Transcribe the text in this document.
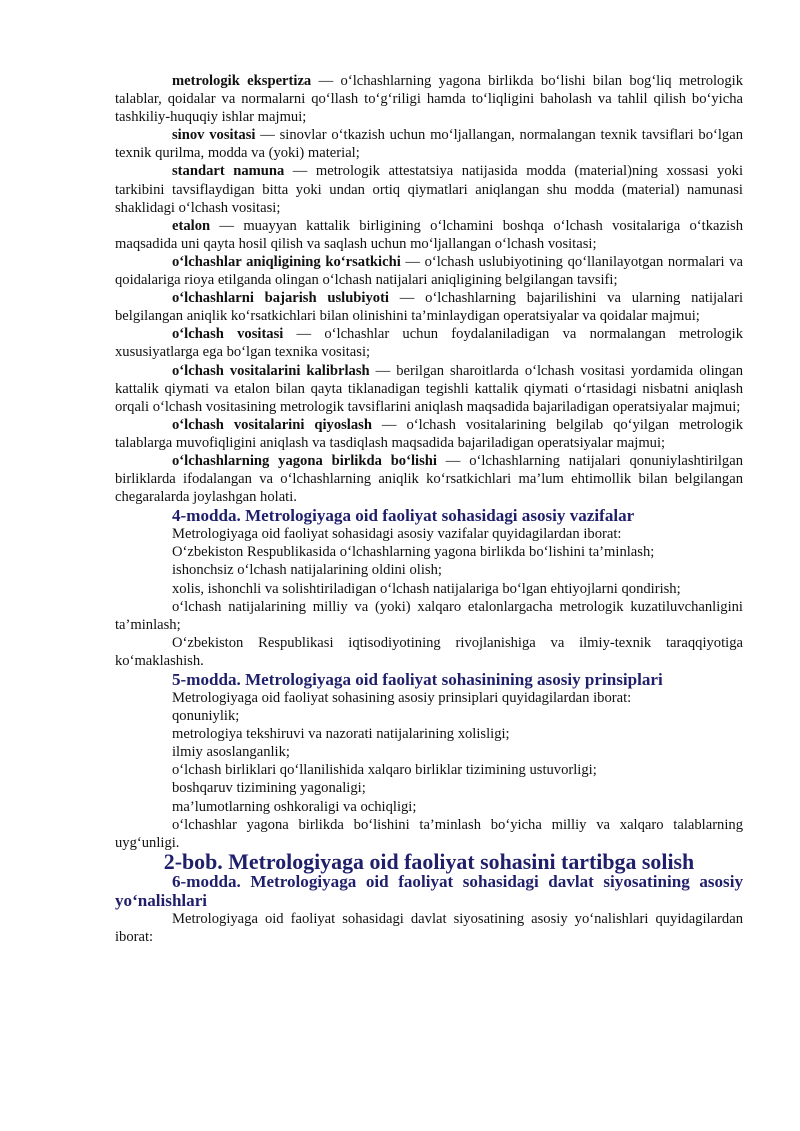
metrologik ekspertiza — o‘lchashlarning yagona birlikda bo‘lishi bilan bog‘liq metrologik talablar, qoidalar va normalarni qo‘llash to‘g‘riligi hamda to‘liqligini baholash va tahlil qilish bo‘yicha tashkiliy-huquqiy ishlar majmui;

sinov vositasi — sinovlar o‘tkazish uchun mo‘ljallangan, normalangan texnik tavsiflari bo‘lgan texnik qurilma, modda va (yoki) material;

standart namuna — metrologik attestatsiya natijasida modda (material)ning xossasi yoki tarkibini tavsiflaydigan bitta yoki undan ortiq qiymatlari aniqlangan shu modda (material) namunasi shaklidagi o‘lchash vositasi;

etalon — muayyan kattalik birligining o‘lchamini boshqa o‘lchash vositalariga o‘tkazish maqsadida uni qayta hosil qilish va saqlash uchun mo‘ljallangan o‘lchash vositasi;

o‘lchashlar aniqligining ko‘rsatkichi — o‘lchash uslubiyotining qo‘llanilayotgan normalari va qoidalariga rioya etilganda olingan o‘lchash natijalari aniqligining belgilangan tavsifi;

o‘lchashlarni bajarish uslubiyoti — o‘lchashlarning bajarilishini va ularning natijalari belgilangan aniqlik ko‘rsatkichlari bilan olinishini ta’minlaydigan operatsiyalar va qoidalar majmui;

o‘lchash vositasi — o‘lchashlar uchun foydalaniladigan va normalangan metrologik xususiyatlarga ega bo‘lgan texnika vositasi;

o‘lchash vositalarini kalibrlash — berilgan sharoitlarda o‘lchash vositasi yordamida olingan kattalik qiymati va etalon bilan qayta tiklanadigan tegishli kattalik qiymati o‘rtasidagi nisbatni aniqlash orqali o‘lchash vositasining metrologik tavsiflarini aniqlash maqsadida bajariladigan operatsiyalar majmui;

o‘lchash vositalarini qiyoslash — o‘lchash vositalarining belgilab qo‘yilgan metrologik talablarga muvofiqligini aniqlash va tasdiqlash maqsadida bajariladigan operatsiyalar majmui;

o‘lchashlarning yagona birlikda bo‘lishi — o‘lchashlarning natijalari qonuniylashtirilgan birliklarda ifodalangan va o‘lchashlarning aniqlik ko‘rsatkichlari ma’lum ehtimollik bilan belgilangan chegaralarda joylashgan holati.

4-modda. Metrologiyaga oid faoliyat sohasidagi asosiy vazifalar

Metrologiyaga oid faoliyat sohasidagi asosiy vazifalar quyidagilardan iborat:

O‘zbekiston Respublikasida o‘lchashlarning yagona birlikda bo‘lishini ta’minlash;

ishonchsiz o‘lchash natijalarining oldini olish;

xolis, ishonchli va solishtiriladigan o‘lchash natijalariga bo‘lgan ehtiyojlarni qondirish;

o‘lchash natijalarining milliy va (yoki) xalqaro etalonlargacha metrologik kuzatiluvchanligini ta’minlash;

O‘zbekiston Respublikasi iqtisodiyotining rivojlanishiga va ilmiy-texnik taraqqiyotiga ko‘maklashish.

5-modda. Metrologiyaga oid faoliyat sohasinining asosiy prinsiplari

Metrologiyaga oid faoliyat sohasining asosiy prinsiplari quyidagilardan iborat:

qonuniylik;

metrologiya tekshiruvi va nazorati natijalarining xolisligi;

ilmiy asoslanganlik;

o‘lchash birliklari qo‘llanilishida xalqaro birliklar tizimining ustuvorligi;

boshqaruv tizimining yagonaligi;

ma’lumotlarning oshkoraligi va ochiqligi;

o‘lchashlar yagona birlikda bo‘lishini ta’minlash bo‘yicha milliy va xalqaro talablarning uyg‘unligi.

2-bob. Metrologiyaga oid faoliyat sohasini tartibga solish
6-modda. Metrologiyaga oid faoliyat sohasidagi davlat siyosatining asosiy yo‘nalishlari

Metrologiyaga oid faoliyat sohasidagi davlat siyosatining asosiy yo‘nalishlari quyidagilardan iborat:
